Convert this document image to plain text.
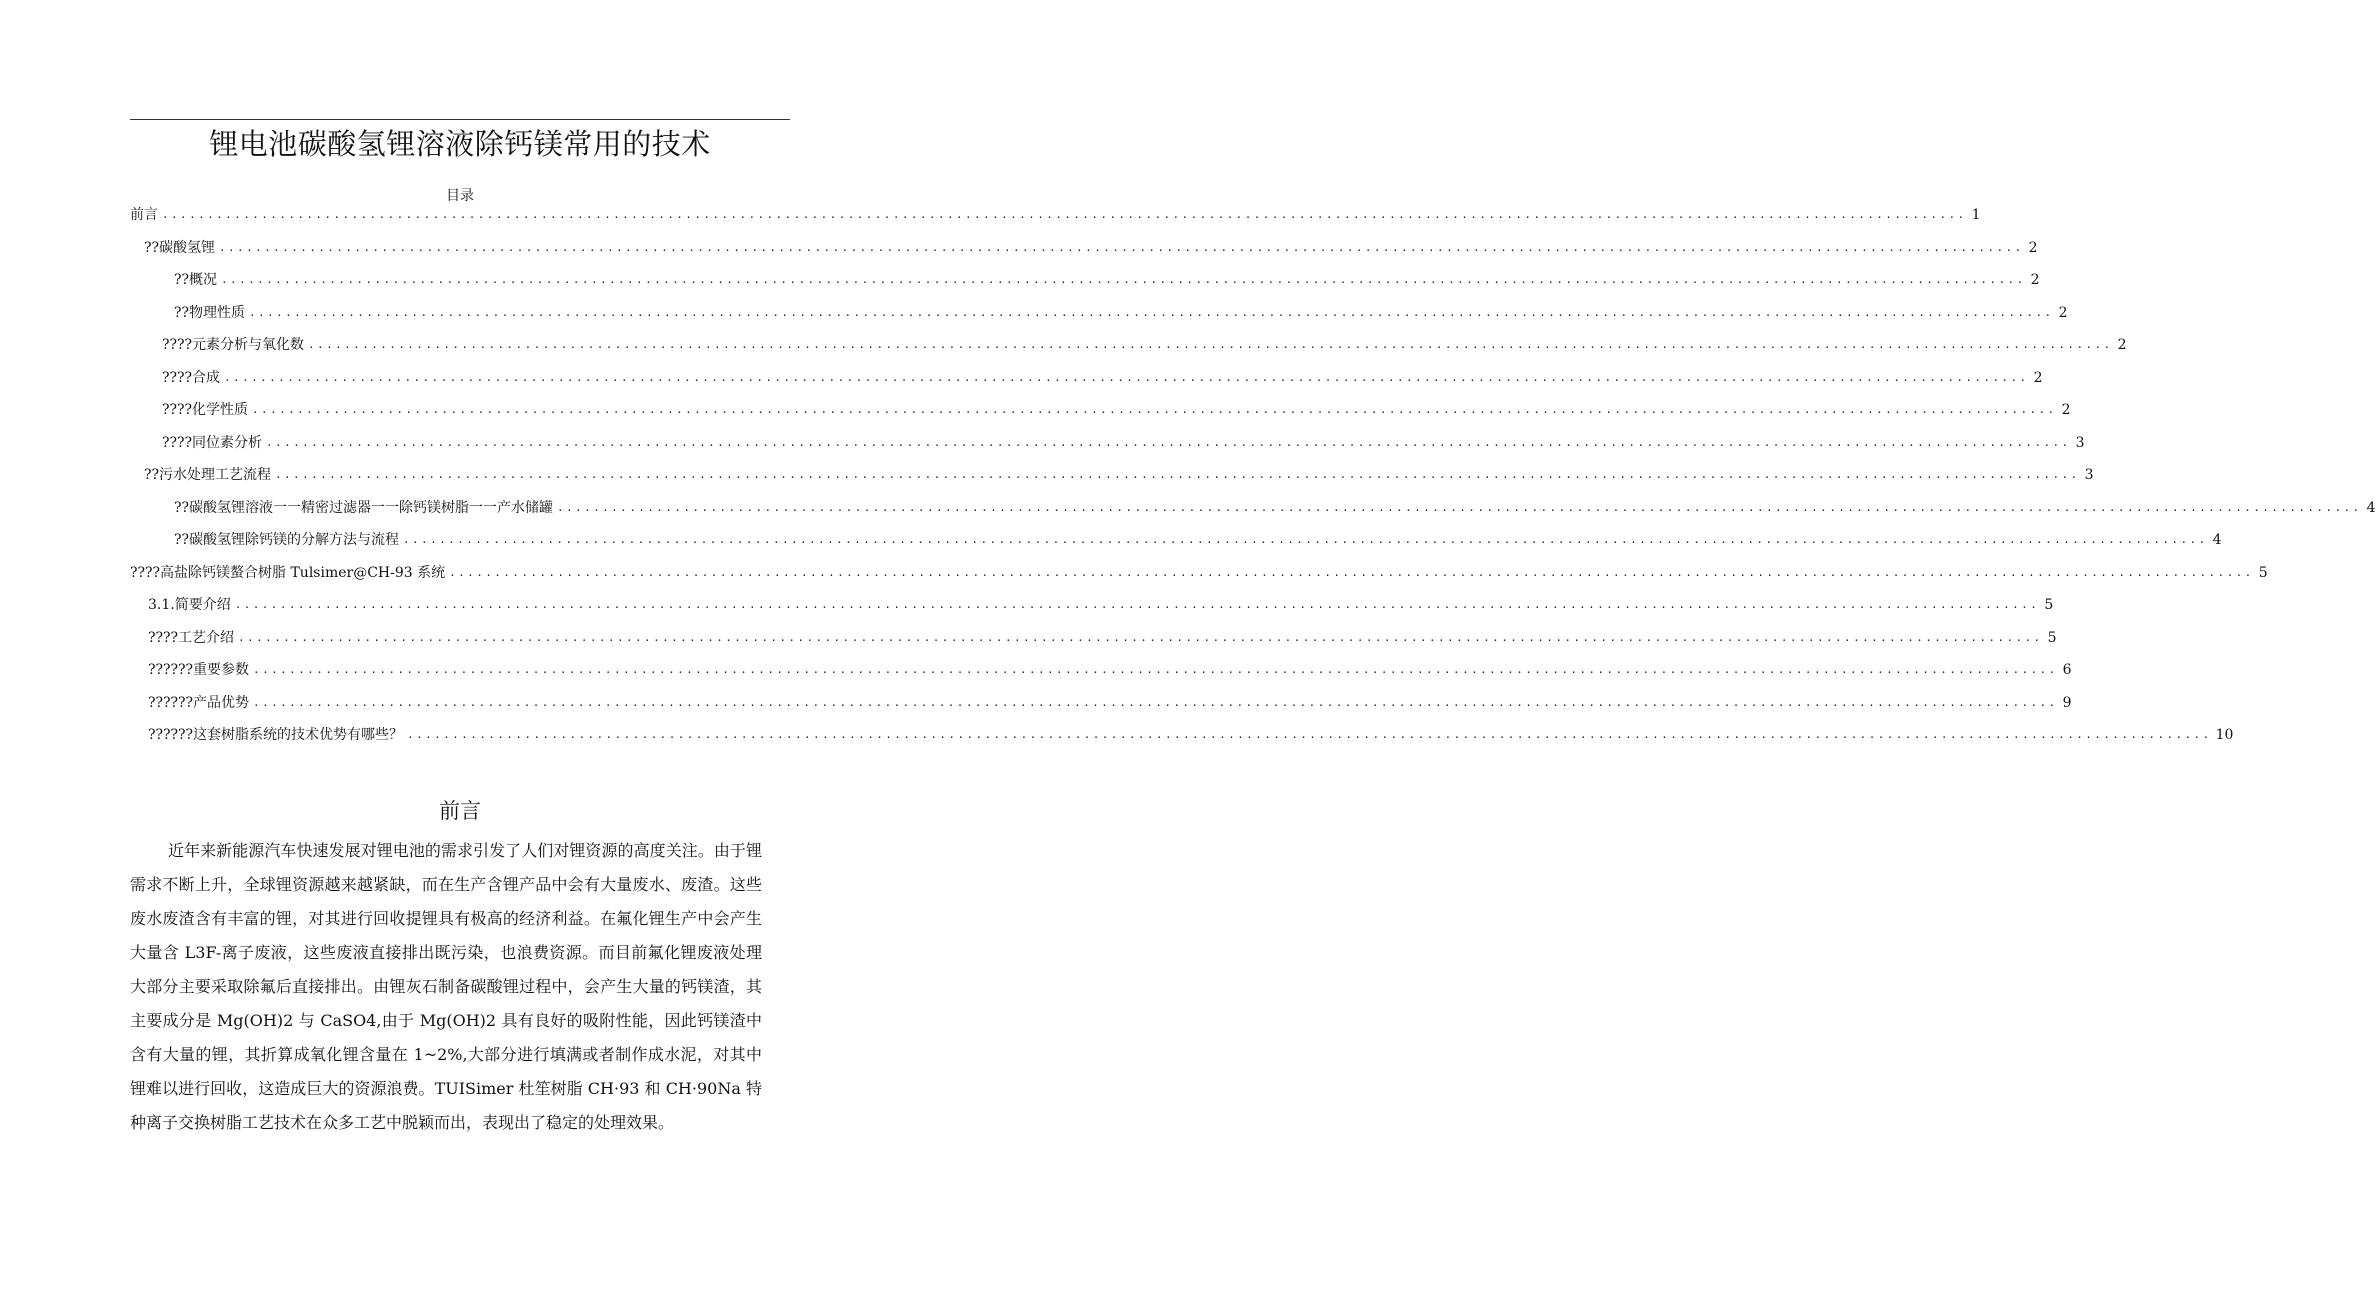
锂电池碳酸氢锂溶液除钙镁常用的技术
目录
前言 ........................................................................................................................................................................................................ 1
??碳酸氢锂 ........................................................................................................................................................................................................ 2
??概况 ........................................................................................................................................................................................................ 2
??物理性质 ........................................................................................................................................................................................................ 2
????元素分析与氧化数 ........................................................................................................................................................................................................ 2
????合成 ........................................................................................................................................................................................................ 2
????化学性质 ........................................................................................................................................................................................................ 2
????同位素分析 ........................................................................................................................................................................................................ 3
??污水处理工艺流程 ........................................................................................................................................................................................................ 3
??碳酸氢锂溶液一一精密过滤器一一除钙镁树脂一一产水储罐 ........................................................................................................................................................................................................ 4
??碳酸氢锂除钙镁的分解方法与流程 ........................................................................................................................................................................................................ 4
????高盐除钙镁螯合树脂 Tulsimer@CH-93 系统 ........................................................................................................................................................................................................ 5
3.1.简要介绍 ........................................................................................................................................................................................................ 5
????工艺介绍 ........................................................................................................................................................................................................ 5
??????重要参数 ........................................................................................................................................................................................................ 6
??????产品优势 ........................................................................................................................................................................................................ 9
??????这套树脂系统的技术优势有哪些？ ........................................................................................................................................................................................................ 10
前言

近年来新能源汽车快速发展对锂电池的需求引发了人们对锂资源的高度关注。由于锂需求不断上升，全球锂资源越来越紧缺，而在生产含锂产品中会有大量废水、废渣。这些废水废渣含有丰富的锂，对其进行回收提锂具有极高的经济利益。在氟化锂生产中会产生大量含 L3F-离子废液，这些废液直接排出既污染，也浪费资源。而目前氟化锂废液处理大部分主要采取除氟后直接排出。由锂灰石制备碳酸锂过程中，会产生大量的钙镁渣，其主要成分是 Mg(OH)2 与 CaSO4,由于 Mg(OH)2 具有良好的吸附性能，因此钙镁渣中含有大量的锂，其折算成氧化锂含量在 1~2%,大部分进行填满或者制作成水泥，对其中锂难以进行回收，这造成巨大的资源浪费。TUISimer 杜笙树脂 CH·93 和 CH·90Na 特种离子交换树脂工艺技术在众多工艺中脱颖而出，表现出了稳定的处理效果。
